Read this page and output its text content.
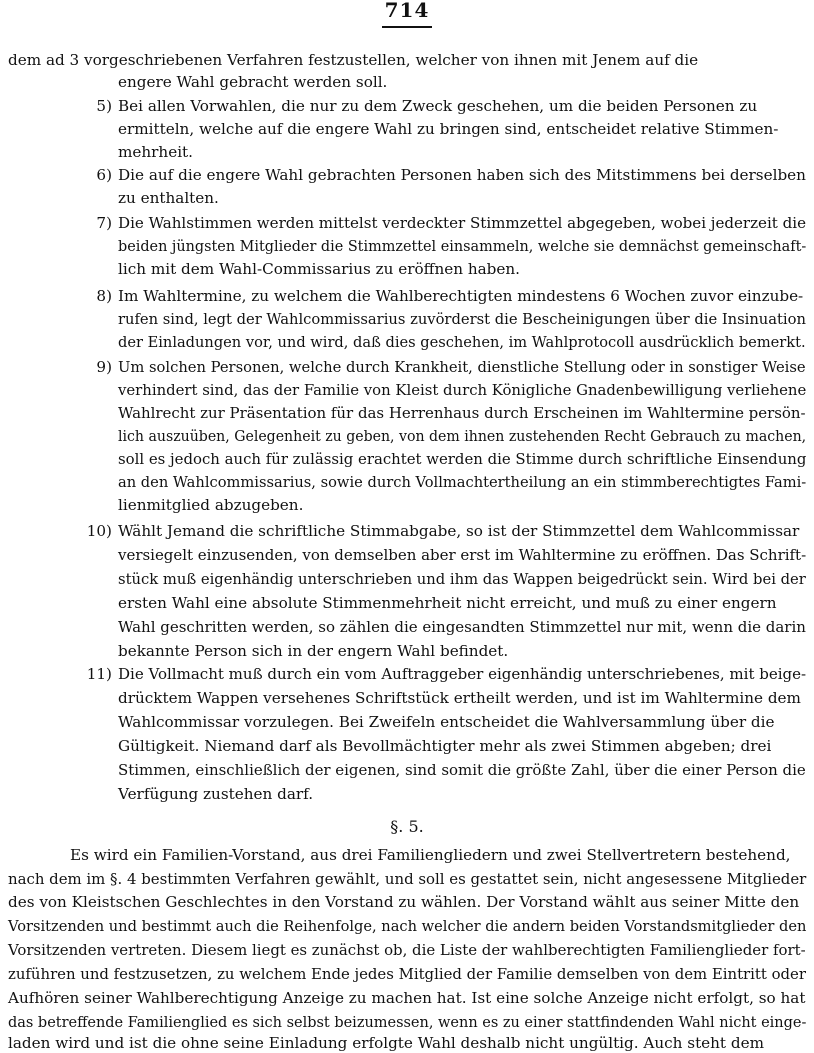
714
dem ad 3 vorgeschriebenen Verfahren festzustellen, welcher von ihnen mit Jenem auf die
engere Wahl gebracht werden soll.
5) Bei allen Vorwahlen, die nur zu dem Zweck geschehen, um die beiden Personen zu
ermitteln, welche auf die engere Wahl zu bringen sind, entscheidet relative Stimmen-
mehrheit.
6) Die auf die engere Wahl gebrachten Personen haben sich des Mitstimmens bei derselben
zu enthalten.
7) Die Wahlstimmen werden mittelst verdeckter Stimmzettel abgegeben, wobei jederzeit die
beiden jüngsten Mitglieder die Stimmzettel einsammeln, welche sie demnächst gemeinschaft-
lich mit dem Wahl-Commissarius zu eröffnen haben.
8) Im Wahltermine, zu welchem die Wahlberechtigten mindestens 6 Wochen zuvor einzube-
rufen sind, legt der Wahlcommissarius zuvörderst die Bescheinigungen über die Insinuation
der Einladungen vor, und wird, daß dies geschehen, im Wahlprotocoll ausdrücklich bemerkt.
9) Um solchen Personen, welche durch Krankheit, dienstliche Stellung oder in sonstiger Weise
verhindert sind, das der Familie von Kleist durch Königliche Gnadenbewilligung verliehene
Wahlrecht zur Präsentation für das Herrenhaus durch Erscheinen im Wahltermine persön-
lich auszuüben, Gelegenheit zu geben, von dem ihnen zustehenden Recht Gebrauch zu machen,
soll es jedoch auch für zulässig erachtet werden die Stimme durch schriftliche Einsendung
an den Wahlcommissarius, sowie durch Vollmachtertheilung an ein stimmberechtigtes Fami-
lienmitglied abzugeben.
10) Wählt Jemand die schriftliche Stimmabgabe, so ist der Stimmzettel dem Wahlcommissar
versiegelt einzusenden, von demselben aber erst im Wahltermine zu eröffnen. Das Schrift-
stück muß eigenhändig unterschrieben und ihm das Wappen beigedrückt sein. Wird bei der
ersten Wahl eine absolute Stimmenmehrheit nicht erreicht, und muß zu einer engern
Wahl geschritten werden, so zählen die eingesandten Stimmzettel nur mit, wenn die darin
bekannte Person sich in der engern Wahl befindet.
11) Die Vollmacht muß durch ein vom Auftraggeber eigenhändig unterschriebenes, mit beige-
drücktem Wappen versehenes Schriftstück ertheilt werden, und ist im Wahltermine dem
Wahlcommissar vorzulegen. Bei Zweifeln entscheidet die Wahlversammlung über die
Gültigkeit. Niemand darf als Bevollmächtigter mehr als zwei Stimmen abgeben; drei
Stimmen, einschließlich der eigenen, sind somit die größte Zahl, über die einer Person die
Verfügung zustehen darf.
§. 5.
Es wird ein Familien-Vorstand, aus drei Familiengliedern und zwei Stellvertretern bestehend,
nach dem im §. 4 bestimmten Verfahren gewählt, und soll es gestattet sein, nicht angesessene Mitglieder
des von Kleistschen Geschlechtes in den Vorstand zu wählen. Der Vorstand wählt aus seiner Mitte den
Vorsitzenden und bestimmt auch die Reihenfolge, nach welcher die andern beiden Vorstandsmitglieder den
Vorsitzenden vertreten. Diesem liegt es zunächst ob, die Liste der wahlberechtigten Familienglieder fort-
zuführen und festzusetzen, zu welchem Ende jedes Mitglied der Familie demselben von dem Eintritt oder
Aufhören seiner Wahlberechtigung Anzeige zu machen hat. Ist eine solche Anzeige nicht erfolgt, so hat
das betreffende Familienglied es sich selbst beizumessen, wenn es zu einer stattfindenden Wahl nicht einge-
laden wird und ist die ohne seine Einladung erfolgte Wahl deshalb nicht ungültig. Auch steht dem
